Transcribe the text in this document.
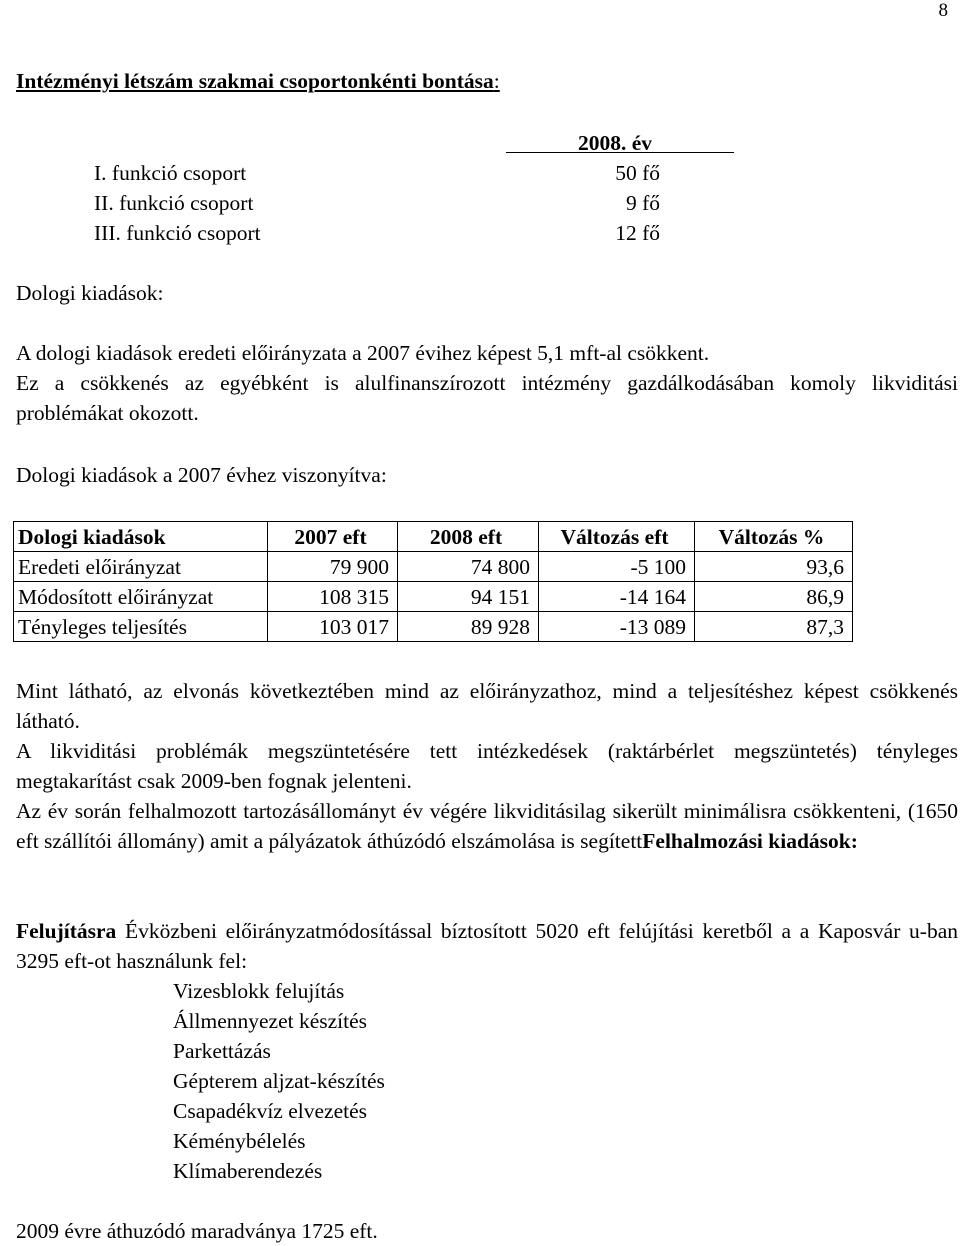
8
Intézményi létszám szakmai csoportonkénti bontása:
2008. év
I. funkció csoport	50 fő
II. funkció csoport	9 fő
III. funkció csoport	12 fő
Dologi kiadások:
A dologi kiadások eredeti előirányzata a 2007 évihez képest 5,1 mft-al csökkent.
Ez a csökkenés az egyébként is alulfinanszírozott intézmény gazdálkodásában komoly likviditási problémákat okozott.
Dologi kiadások a 2007 évhez viszonyítva:
Dologi kiadások	2007 eft	2008 eft	Változás eft	Változás %
Eredeti előirányzat	79 900	74 800	-5 100	93,6
Módosított előirányzat	108 315	94 151	-14 164	86,9
Tényleges teljesítés	103 017	89 928	-13 089	87,3
Mint látható, az elvonás következtében mind az előirányzathoz, mind a teljesítéshez képest csökkenés látható.
A likviditási problémák megszüntetésére tett intézkedések (raktárbérlet megszüntetés) tényleges megtakarítást csak 2009-ben fognak jelenteni.
Az év során felhalmozott tartozásállományt év végére likviditásilag sikerült minimálisra csökkenteni, (1650 eft szállítói állomány) amit a pályázatok áthúzódó elszámolása is segítettFelhalmozási kiadások:
Felujításra Évközbeni előirányzatmódosítással bíztosított 5020 eft felújítási keretből a a Kaposvár u-ban 3295 eft-ot használunk fel:
Vizesblokk felujítás
Állmennyezet készítés
Parkettázás
Gépterem aljzat-készítés
Csapadékvíz elvezetés
Kéménybélelés
Klímaberendezés
2009 évre áthuzódó maradványa 1725 eft.
